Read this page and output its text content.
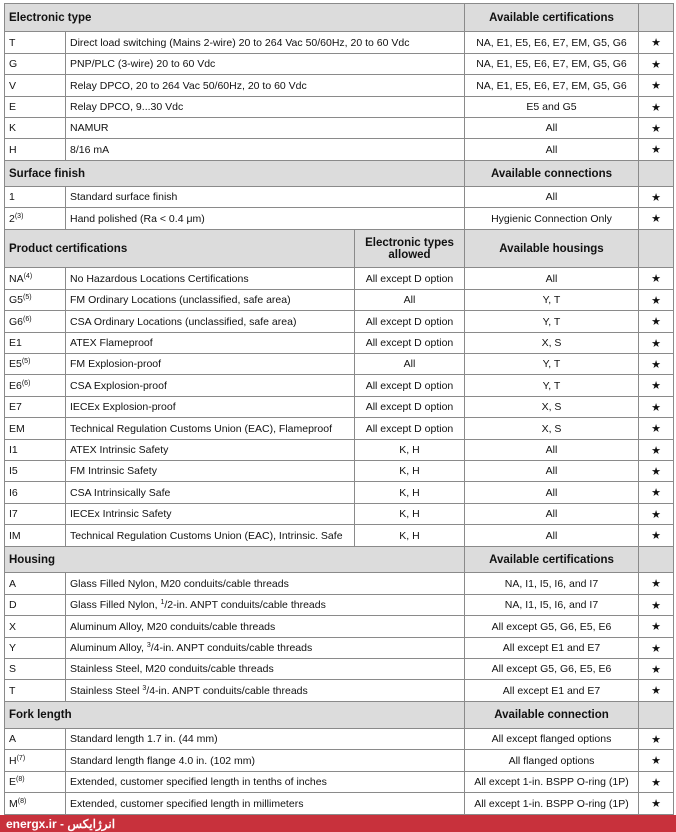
Electronic type			Available certifications	
T	Direct load switching (Mains 2-wire) 20 to 264 Vac 50/60Hz, 20 to 60 Vdc		NA, E1, E5, E6, E7, EM, G5, G6	★
G	PNP/PLC (3-wire) 20 to 60 Vdc		NA, E1, E5, E6, E7, EM, G5, G6	★
V	Relay DPCO, 20 to 264 Vac 50/60Hz, 20 to 60 Vdc		NA, E1, E5, E6, E7, EM, G5, G6	★
E	Relay DPCO, 9...30 Vdc		E5 and G5	★
K	NAMUR		All	★
H	8/16 mA		All	★
Surface finish			Available connections	
1	Standard surface finish		All	★
2$^{(3)}$	Hand polished (Ra < 0.4 μm)		Hygienic Connection Only	★
Product certifications		Electronic types allowed	Available housings	
NA$^{(4)}$	No Hazardous Locations Certifications	All except D option	All	★
G5$^{(5)}$	FM Ordinary Locations (unclassified, safe area)	All	Y, T	★
G6$^{(6)}$	CSA Ordinary Locations (unclassified, safe area)	All except D option	Y, T	★
E1	ATEX Flameproof	All except D option	X, S	★
E5$^{(5)}$	FM Explosion-proof	All	Y, T	★
E6$^{(6)}$	CSA Explosion-proof	All except D option	Y, T	★
E7	IECEx Explosion-proof	All except D option	X, S	★
EM	Technical Regulation Customs Union (EAC), Flameproof	All except D option	X, S	★
I1	ATEX Intrinsic Safety	K, H	All	★
I5	FM Intrinsic Safety	K, H	All	★
I6	CSA Intrinsically Safe	K, H	All	★
I7	IECEx Intrinsic Safety	K, H	All	★
IM	Technical Regulation Customs Union (EAC), Intrinsic. Safe	K, H	All	★
Housing			Available certifications	
A	Glass Filled Nylon, M20 conduits/cable threads		NA, I1, I5, I6, and I7	★
D	Glass Filled Nylon, $^1$/2-in. ANPT conduits/cable threads		NA, I1, I5, I6, and I7	★
X	Aluminum Alloy, M20 conduits/cable threads		All except G5, G6, E5, E6	★
Y	Aluminum Alloy, $^3$/4-in. ANPT conduits/cable threads		All except E1 and E7	★
S	Stainless Steel, M20 conduits/cable threads		All except G5, G6, E5, E6	★
T	Stainless Steel $^3$/4-in. ANPT conduits/cable threads		All except E1 and E7	★
Fork length			Available connection	
A	Standard length 1.7 in. (44 mm)		All except flanged options	★
$H^{(7)}$	Standard length flange 4.0 in. (102 mm)		All flanged options	★
$E^{(8)}$	Extended, customer specified length in tenths of inches		All except 1-in. BSPP O-ring (1P)	★
$M^{(8)}$	Extended, customer specified length in millimeters		All except 1-in. BSPP O-ring (1P)	★
energx.ir - انرژایکس
